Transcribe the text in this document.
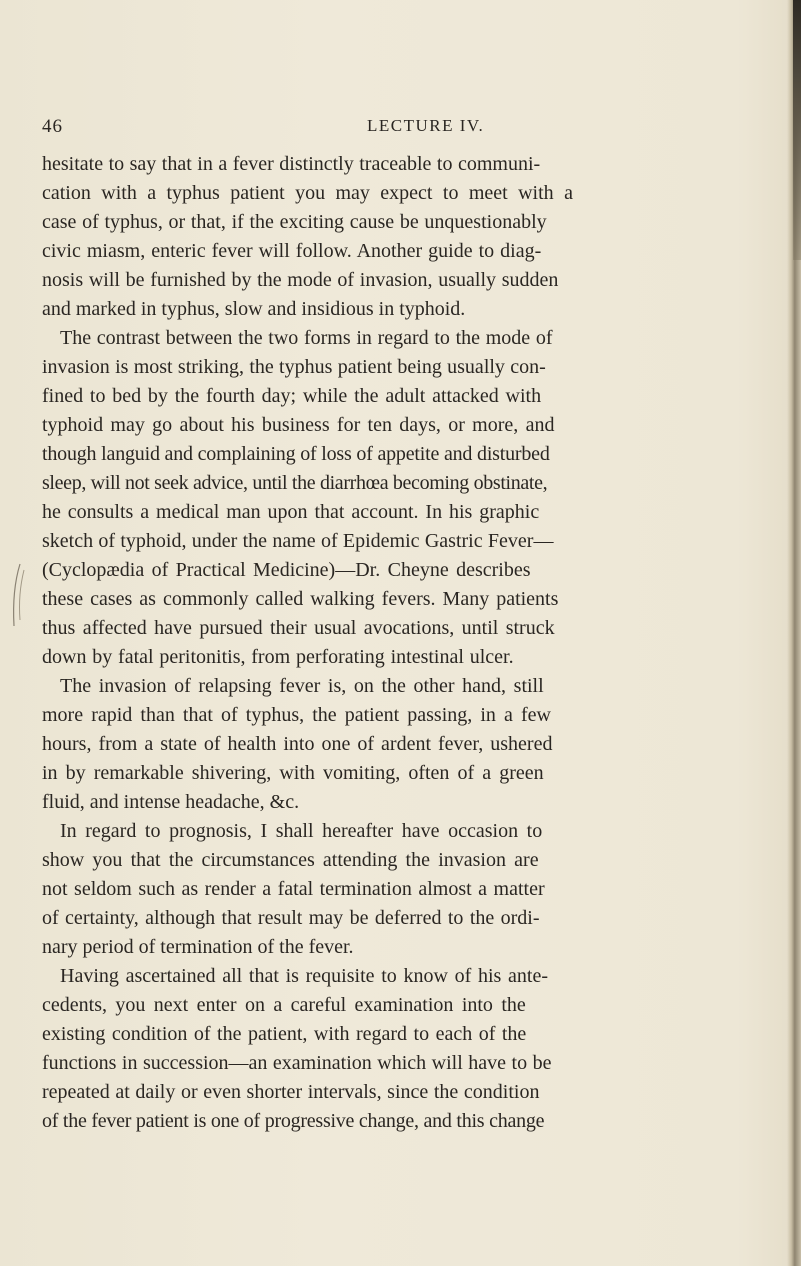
46	LECTURE IV.
hesitate to say that in a fever distinctly traceable to communi-
cation with a typhus patient you may expect to meet with a
case of typhus, or that, if the exciting cause be unquestionably
civic miasm, enteric fever will follow. Another guide to diag-
nosis will be furnished by the mode of invasion, usually sudden
and marked in typhus, slow and insidious in typhoid.
The contrast between the two forms in regard to the mode of
invasion is most striking, the typhus patient being usually con-
fined to bed by the fourth day; while the adult attacked with
typhoid may go about his business for ten days, or more, and
though languid and complaining of loss of appetite and disturbed
sleep, will not seek advice, until the diarrhœa becoming obstinate,
he consults a medical man upon that account. In his graphic
sketch of typhoid, under the name of Epidemic Gastric Fever—
(Cyclopædia of Practical Medicine)—Dr. Cheyne describes
these cases as commonly called walking fevers. Many patients
thus affected have pursued their usual avocations, until struck
down by fatal peritonitis, from perforating intestinal ulcer.
The invasion of relapsing fever is, on the other hand, still
more rapid than that of typhus, the patient passing, in a few
hours, from a state of health into one of ardent fever, ushered
in by remarkable shivering, with vomiting, often of a green
fluid, and intense headache, &c.
In regard to prognosis, I shall hereafter have occasion to
show you that the circumstances attending the invasion are
not seldom such as render a fatal termination almost a matter
of certainty, although that result may be deferred to the ordi-
nary period of termination of the fever.
Having ascertained all that is requisite to know of his ante-
cedents, you next enter on a careful examination into the
existing condition of the patient, with regard to each of the
functions in succession—an examination which will have to be
repeated at daily or even shorter intervals, since the condition
of the fever patient is one of progressive change, and this change
